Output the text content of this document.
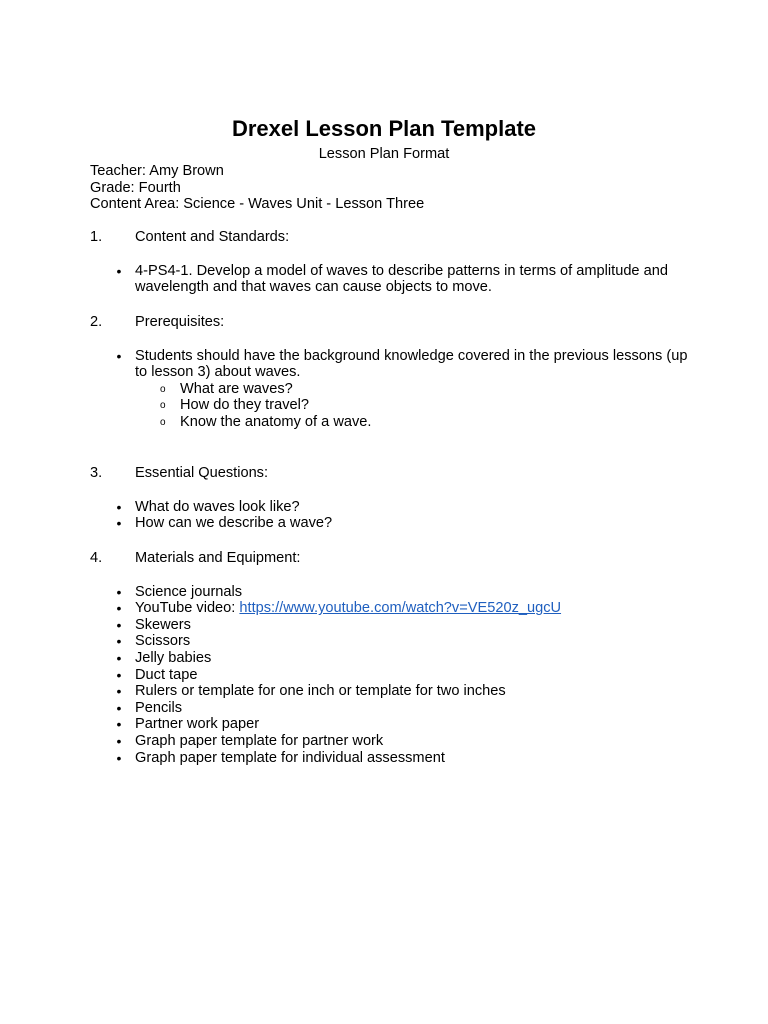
Drexel Lesson Plan Template
Lesson Plan Format
Teacher: Amy Brown
Grade: Fourth
Content Area: Science - Waves Unit - Lesson Three
1. Content and Standards:
• 4-PS4-1. Develop a model of waves to describe patterns in terms of amplitude and wavelength and that waves can cause objects to move.
2. Prerequisites:
• Students should have the background knowledge covered in the previous lessons (up to lesson 3) about waves.
o What are waves?
o How do they travel?
o Know the anatomy of a wave.
3. Essential Questions:
• What do waves look like?
• How can we describe a wave?
4. Materials and Equipment:
• Science journals
• YouTube video: https://www.youtube.com/watch?v=VE520z_ugcU
• Skewers
• Scissors
• Jelly babies
• Duct tape
• Rulers or template for one inch or template for two inches
• Pencils
• Partner work paper
• Graph paper template for partner work
• Graph paper template for individual assessment
